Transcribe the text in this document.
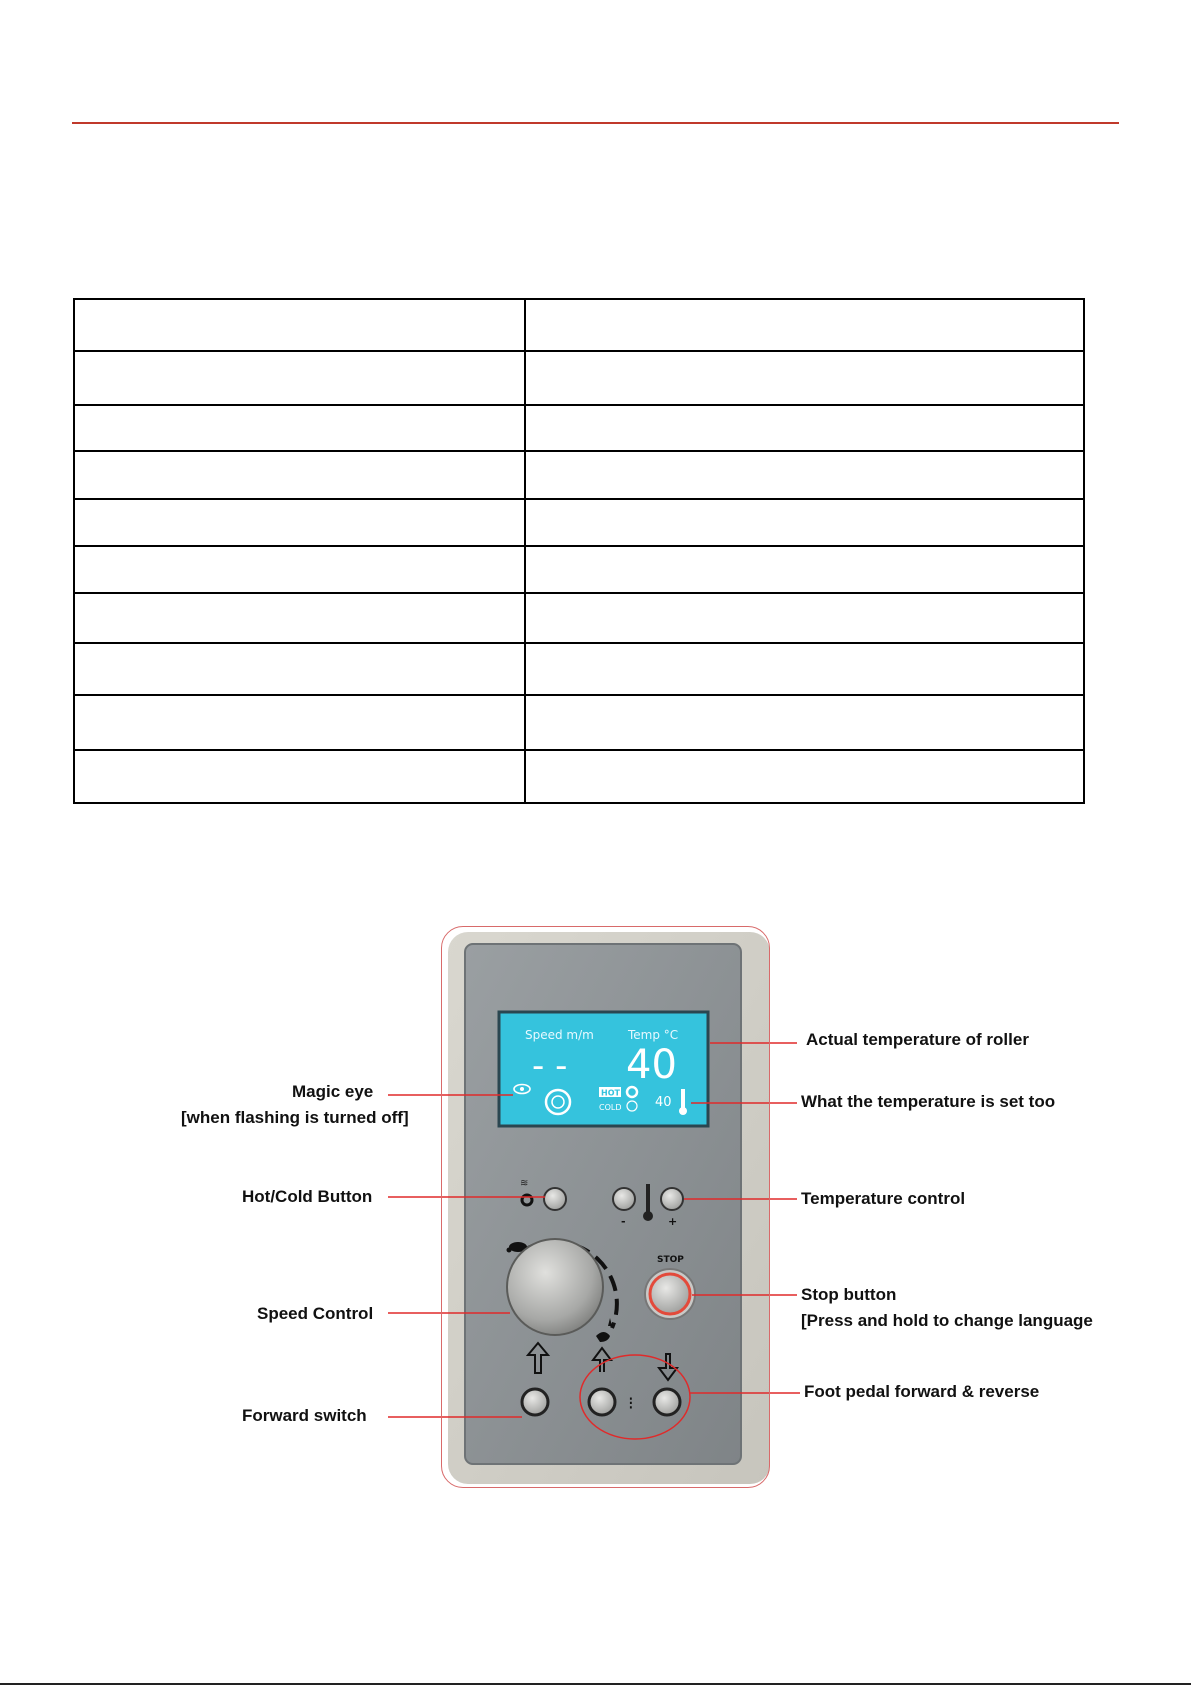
Speed m/m	Temp °C
- - 40
HOT
COLD	40
≋
-	+
STOP
⁝
Actual temperature of roller
What the temperature is set too
Magic eye
[when flashing is turned off]
Hot/Cold Button	Temperature control
Speed Control
Stop button
[Press and hold to change language
Forward switch
Foot pedal forward & reverse
